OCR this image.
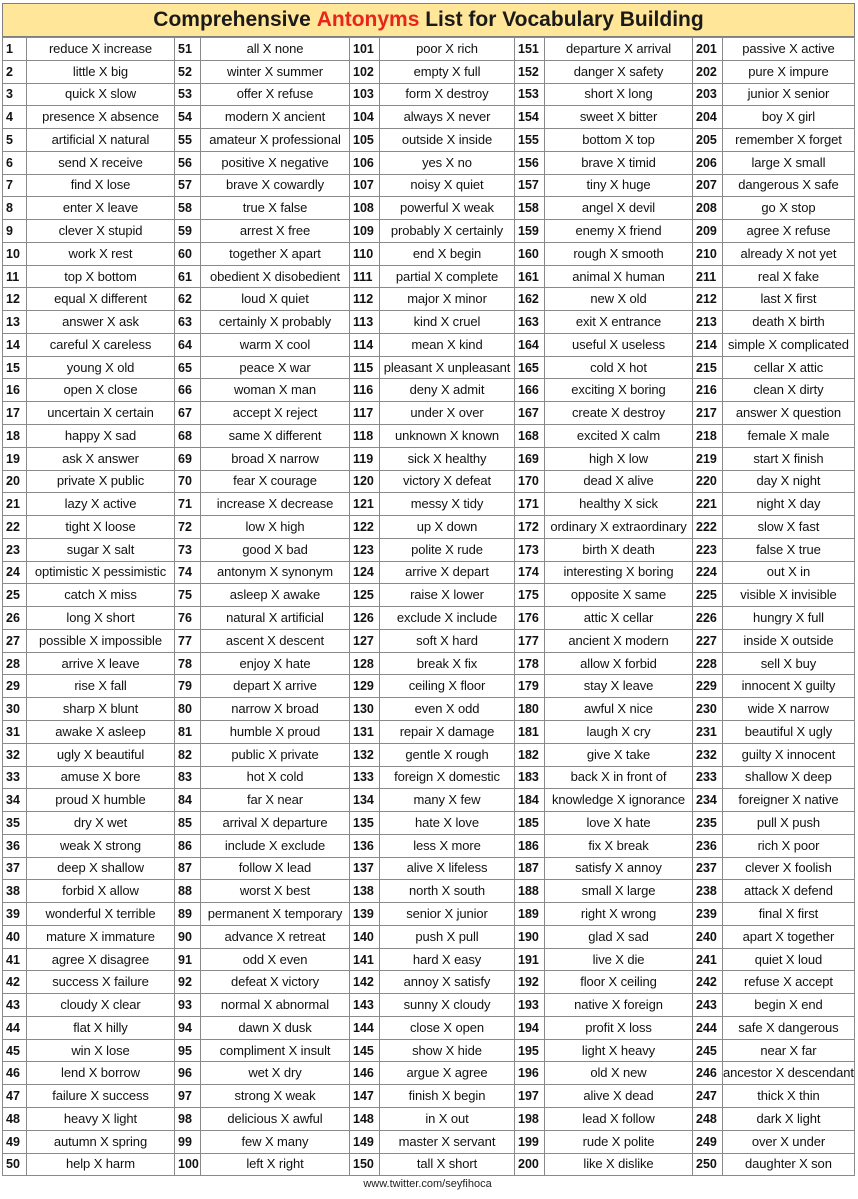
Comprehensive
Antonyms
List for Vocabulary Building
1	reduce X increase	51	all X none	101	poor X rich	151	departure X arrival	201	passive X active
2	little X big	52	winter X summer	102	empty X full	152	danger X safety	202	pure X impure
3	quick X slow	53	offer X refuse	103	form X destroy	153	short X long	203	junior X senior
4	presence X absence	54	modern X ancient	104	always X never	154	sweet X bitter	204	boy X girl
5	artificial X natural	55	amateur X professional	105	outside X inside	155	bottom X top	205	remember X forget
6	send X receive	56	positive X negative	106	yes X no	156	brave X timid	206	large X small
7	find X lose	57	brave X cowardly	107	noisy X quiet	157	tiny X huge	207	dangerous X safe
8	enter X leave	58	true X false	108	powerful X weak	158	angel X devil	208	go X stop
9	clever X stupid	59	arrest X free	109	probably X certainly	159	enemy X friend	209	agree X refuse
10	work X rest	60	together X apart	110	end X begin	160	rough X smooth	210	already X not yet
11	top X bottom	61	obedient X disobedient	111	partial X complete	161	animal X human	211	real X fake
12	equal X different	62	loud X quiet	112	major X minor	162	new X old	212	last X first
13	answer X ask	63	certainly X probably	113	kind X cruel	163	exit X entrance	213	death X birth
14	careful X careless	64	warm X cool	114	mean X kind	164	useful X useless	214	simple X complicated
15	young X old	65	peace X war	115	pleasant X unpleasant	165	cold X hot	215	cellar X attic
16	open X close	66	woman X man	116	deny X admit	166	exciting X boring	216	clean X dirty
17	uncertain X certain	67	accept X reject	117	under X over	167	create X destroy	217	answer X question
18	happy X sad	68	same X different	118	unknown X known	168	excited X calm	218	female X male
19	ask X answer	69	broad X narrow	119	sick X healthy	169	high X low	219	start X finish
20	private X public	70	fear X courage	120	victory X defeat	170	dead X alive	220	day X night
21	lazy X active	71	increase X decrease	121	messy X tidy	171	healthy X sick	221	night X day
22	tight X loose	72	low X high	122	up X down	172	ordinary X extraordinary	222	slow X fast
23	sugar X salt	73	good X bad	123	polite X rude	173	birth X death	223	false X true
24	optimistic X pessimistic	74	antonym X synonym	124	arrive X depart	174	interesting X boring	224	out X in
25	catch X miss	75	asleep X awake	125	raise X lower	175	opposite X same	225	visible X invisible
26	long X short	76	natural X artificial	126	exclude X include	176	attic X cellar	226	hungry X full
27	possible X impossible	77	ascent X descent	127	soft X hard	177	ancient X modern	227	inside X outside
28	arrive X leave	78	enjoy X hate	128	break X fix	178	allow X forbid	228	sell X buy
29	rise X fall	79	depart X arrive	129	ceiling X floor	179	stay X leave	229	innocent X guilty
30	sharp X blunt	80	narrow X broad	130	even X odd	180	awful X nice	230	wide X narrow
31	awake X asleep	81	humble X proud	131	repair X damage	181	laugh X cry	231	beautiful X ugly
32	ugly X beautiful	82	public X private	132	gentle X rough	182	give X take	232	guilty X innocent
33	amuse X bore	83	hot X cold	133	foreign X domestic	183	back X in front of	233	shallow X deep
34	proud X humble	84	far X near	134	many X few	184	knowledge X ignorance	234	foreigner X native
35	dry X wet	85	arrival X departure	135	hate X love	185	love X hate	235	pull X push
36	weak X strong	86	include X exclude	136	less X more	186	fix X break	236	rich X poor
37	deep X shallow	87	follow X lead	137	alive X lifeless	187	satisfy X annoy	237	clever X foolish
38	forbid X allow	88	worst X best	138	north X south	188	small X large	238	attack X defend
39	wonderful X terrible	89	permanent X temporary	139	senior X junior	189	right X wrong	239	final X first
40	mature X immature	90	advance X retreat	140	push X pull	190	glad X sad	240	apart X together
41	agree X disagree	91	odd X even	141	hard X easy	191	live X die	241	quiet X loud
42	success X failure	92	defeat X victory	142	annoy X satisfy	192	floor X ceiling	242	refuse X accept
43	cloudy X clear	93	normal X abnormal	143	sunny X cloudy	193	native X foreign	243	begin X end
44	flat X hilly	94	dawn X dusk	144	close X open	194	profit X loss	244	safe X dangerous
45	win X lose	95	compliment X insult	145	show X hide	195	light X heavy	245	near X far
46	lend X borrow	96	wet X dry	146	argue X agree	196	old X new	246	ancestor X descendant
47	failure X success	97	strong X weak	147	finish X begin	197	alive X dead	247	thick X thin
48	heavy X light	98	delicious X awful	148	in X out	198	lead X follow	248	dark X light
49	autumn X spring	99	few X many	149	master X servant	199	rude X polite	249	over X under
50	help X harm	100	left X right	150	tall X short	200	like X dislike	250	daughter X son
www.twitter.com/seyfihoca
